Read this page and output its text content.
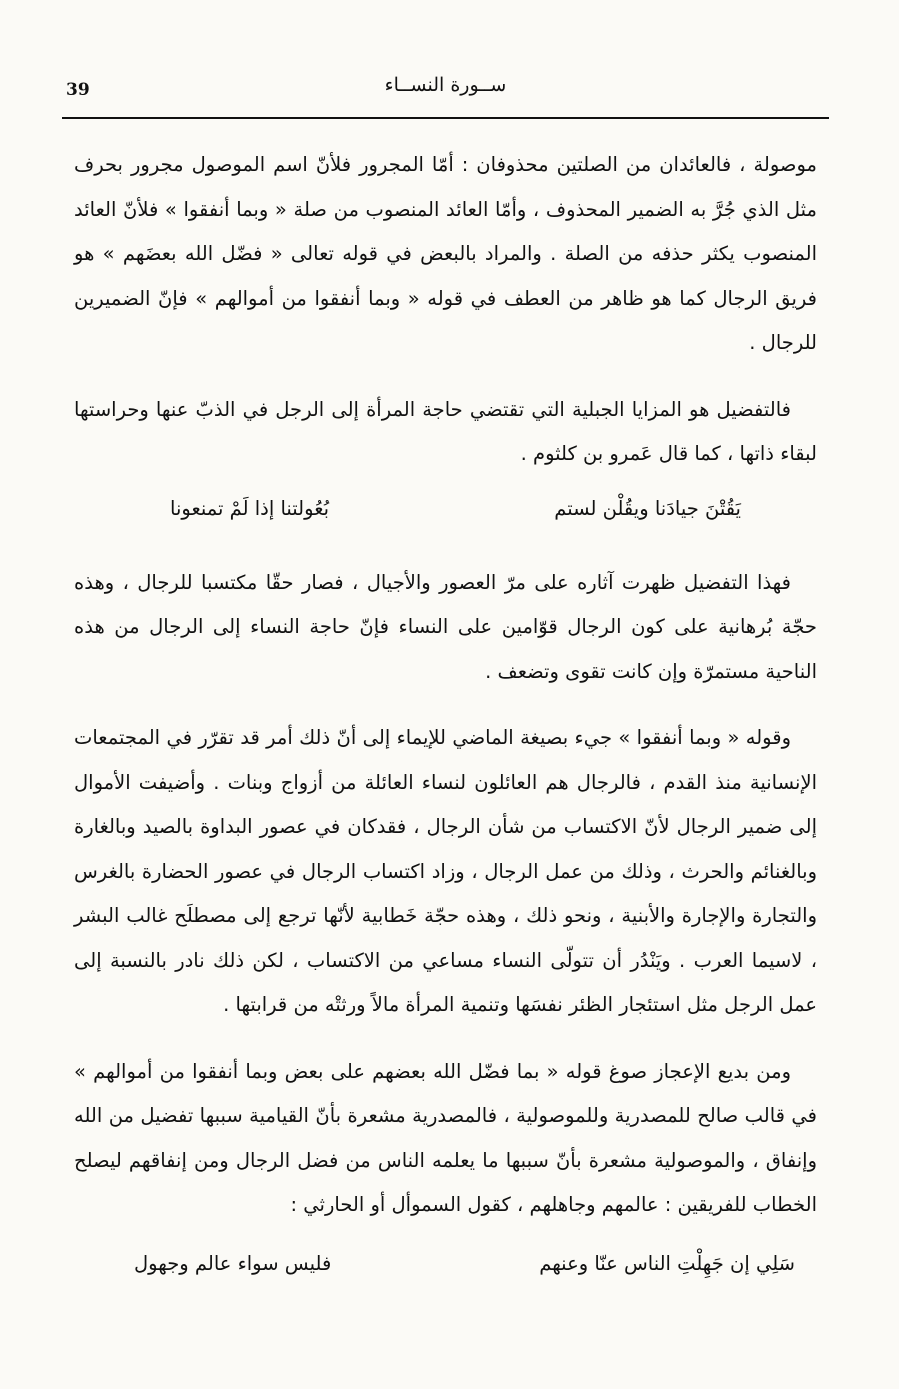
39	ســورة النســاء

موصولة ، فالعائدان من الصلتين محذوفان : أمّا المجرور فلأنّ اسم الموصول مجرور بحرف مثل الذي جُرَّ به الضمير المحذوف ، وأمّا العائد المنصوب من صلة « وبما أنفقوا » فلأنّ العائد المنصوب يكثر حذفه من الصلة . والمراد بالبعض في قوله تعالى « فضّل الله بعضَهم » هو فريق الرجال كما هو ظاهر من العطف في قوله « وبما أنفقوا من أموالهم » فإنّ الضميرين للرجال .

فالتفضيل هو المزايا الجبلية التي تقتضي حاجة المرأة إلى الرجل في الذبّ عنها وحراستها لبقاء ذاتها ، كما قال عَمرو بن كلثوم .

يَقُتْنَ جيادَنا ويقُلْن لستم
بُعُولتنا إذا لَمْ تمنعونا

فهذا التفضيل ظهرت آثاره على مرّ العصور والأجيال ، فصار حقّا مكتسبا للرجال ، وهذه حجّة بُرهانية على كون الرجال قوّامين على النساء فإنّ حاجة النساء إلى الرجال من هذه الناحية مستمرّة وإن كانت تقوى وتضعف .

وقوله « وبما أنفقوا » جيء بصيغة الماضي للإيماء إلى أنّ ذلك أمر قد تقرّر في المجتمعات الإنسانية منذ القدم ، فالرجال هم العائلون لنساء العائلة من أزواج وبنات . وأضيفت الأموال إلى ضمير الرجال لأنّ الاكتساب من شأن الرجال ، فقدكان في عصور البداوة بالصيد وبالغارة وبالغنائم والحرث ، وذلك من عمل الرجال ، وزاد اكتساب الرجال في عصور الحضارة بالغرس والتجارة والإجارة والأبنية ، ونحو ذلك ، وهذه حجّة خَطابية لأنّها ترجع إلى مصطلَح غالب البشر ، لاسيما العرب . ويَنْدُر أن تتولّى النساء مساعي من الاكتساب ، لكن ذلك نادر بالنسبة إلى عمل الرجل مثل استئجار الظئر نفسَها وتنمية المرأة مالاً ورثتْه من قرابتها .

ومن بديع الإعجاز صوغ قوله « بما فضّل الله بعضهم على بعض وبما أنفقوا من أموالهم » في قالب صالح للمصدرية وللموصولية ، فالمصدرية مشعرة بأنّ القيامية سببها تفضيل من الله وإنفاق ، والموصولية مشعرة بأنّ سببها ما يعلمه الناس من فضل الرجال ومن إنفاقهم ليصلح الخطاب للفريقين : عالمهم وجاهلهم ، كقول السموأل أو الحارثي :

سَلِي إن جَهِلْتِ الناس عنّا وعنهم
فليس سواء عالم وجهول
